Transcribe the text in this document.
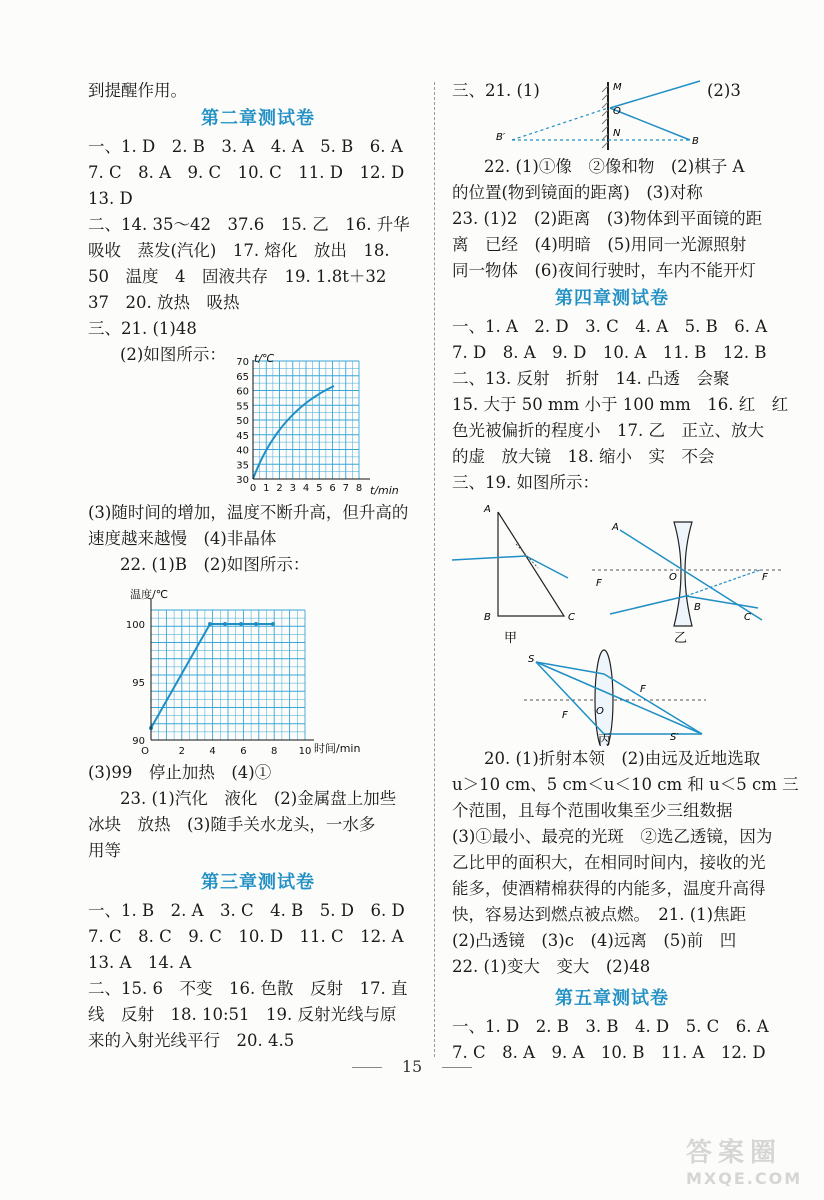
到提醒作用。
第二章测试卷
一、1. D　2. B　3. A　4. A　5. B　6. A
7. C　8. A　9. C　10. C　11. D　12. D
13. D
二、14. 35～42　37.6　15. 乙　16. 升华
吸收　蒸发(汽化)　17. 熔化　放出　18.
50　温度　4　固液共存　19. 1.8t＋32
37　20. 放热　吸热
三、21. (1)48
(2)如图所示：
30
35
40
45
50
55
60
65
70
0 1 2 3 4 5 6 7 8
t/℃
t/min
(3)随时间的增加，温度不断升高，但升高的
速度越来越慢　(4)非晶体
22. (1)B　(2)如图所示：
100
95
90
O	2 4 6 8 10
温度/℃
时间/min
(3)99　停止加热　(4)①
23. (1)汽化　液化　(2)金属盘上加些
冰块　放热　(3)随手关水龙头，一水多
用等
第三章测试卷
一、1. B　2. A　3. C　4. B　5. D　6. D
7. C　8. C　9. C　10. D　11. C　12. A
13. A　14. A
二、15. 6　不变　16. 色散　反射　17. 直
线　反射　18. 10:51　19. 反射光线与原
来的入射光线平行　20. 4.5
三、21. (1)	(2)3
M
O
N
B
B′
22. (1)①像　②像和物　(2)棋子 A
的位置(物到镜面的距离)　(3)对称
23. (1)2　(2)距离　(3)物体到平面镜的距
离　已经　(4)明暗　(5)用同一光源照射
同一物体　(6)夜间行驶时，车内不能开灯
第四章测试卷
一、1. A　2. D　3. C　4. A　5. B　6. A
7. D　8. A　9. D　10. A　11. B　12. B
二、13. 反射　折射　14. 凸透　会聚
15. 大于 50 mm 小于 100 mm　16. 红　红
色光被偏折的程度小　17. 乙　正立、放大
的虚　放大镜　18. 缩小　实　不会
三、19. 如图所示：
A
B	C
甲
A
F
O	F
B
C
乙
S
F	O
F
S′
丙
20. (1)折射本领　(2)由远及近地选取
u＞10 cm、5 cm＜u＜10 cm 和 u＜5 cm 三
个范围，且每个范围收集至少三组数据
(3)①最小、最亮的光斑　②选乙透镜，因为
乙比甲的面积大，在相同时间内，接收的光
能多，使酒精棉获得的内能多，温度升高得
快，容易达到燃点被点燃。　21. (1)焦距
(2)凸透镜　(3)c　(4)远离　(5)前　凹
22. (1)变大　变大　(2)48
第五章测试卷
一、1. D　2. B　3. B　4. D　5. C　6. A
7. C　8. A　9. A　10. B　11. A　12. D
15
答案圈
MXQE.COM
